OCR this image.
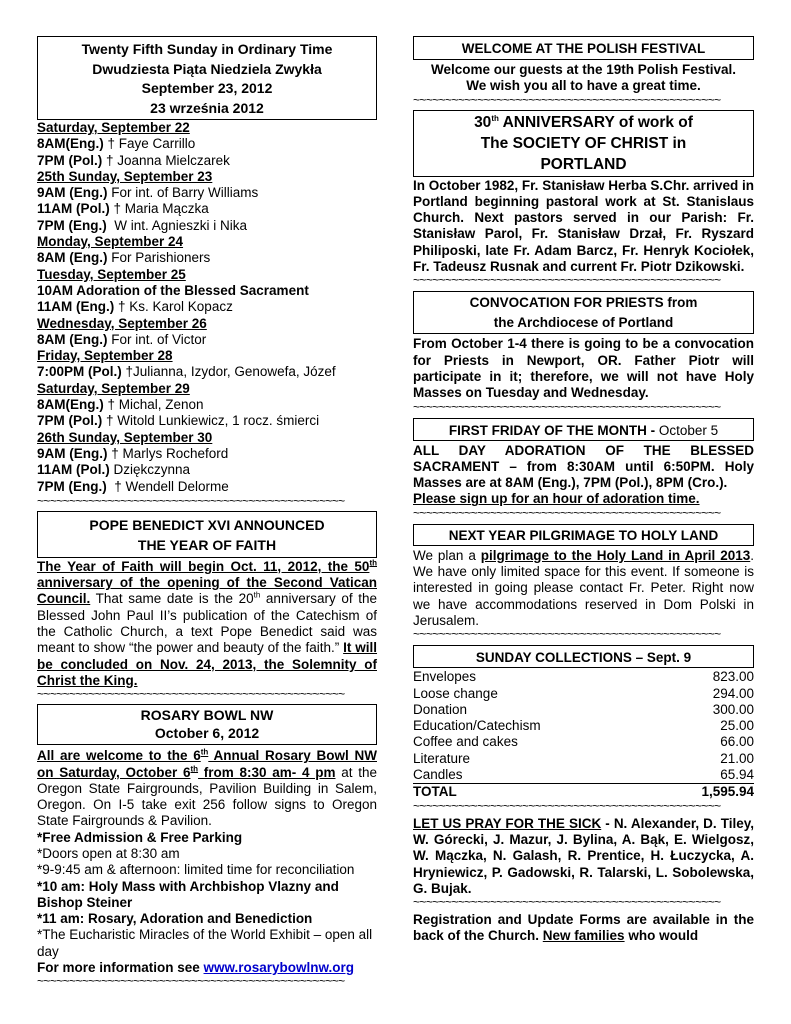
Twenty Fifth Sunday in Ordinary Time
Dwudziesta Piąta Niedziela Zwykła
September 23, 2012
23 września 2012

Saturday, September 22

8AM(Eng.) † Faye Carrillo

7PM (Pol.) † Joanna Mielczarek

25th Sunday, September 23

9AM (Eng.) For int. of Barry Williams

11AM (Pol.) † Maria Mączka

7PM (Eng.)  W int. Agnieszki i Nika

Monday, September 24

8AM (Eng.) For Parishioners

Tuesday, September 25

10AM Adoration of the Blessed Sacrament

11AM (Eng.) † Ks. Karol Kopacz

Wednesday, September 26

8AM (Eng.) For int. of Victor

Friday, September 28

7:00PM (Pol.) †Julianna, Izydor, Genowefa, Józef

Saturday, September 29

8AM(Eng.) † Michal, Zenon

7PM (Pol.) † Witold Lunkiewicz, 1 rocz. śmierci

26th Sunday, September 30

9AM (Eng.) † Marlys Rocheford

11AM (Pol.) Dziękczynna

7PM (Eng.)  † Wendell Delorme

~~~~~~~~~~~~~~~~~~~~~~~~~~~~~~~~~~~~~~~~~~~~~~~~
POPE BENEDICT XVI ANNOUNCED
THE YEAR OF FAITH

The Year of Faith will begin Oct. 11, 2012, the 50th anniversary of the opening of the Second Vatican Council. That same date is the 20th anniversary of the Blessed John Paul II’s publication of the Catechism of the Catholic Church, a text Pope Benedict said was meant to show “the power and beauty of the faith.” It will be concluded on Nov. 24, 2013, the Solemnity of Christ the King.

~~~~~~~~~~~~~~~~~~~~~~~~~~~~~~~~~~~~~~~~~~~~~~~~
ROSARY BOWL NW
October 6, 2012

All are welcome to the 6th Annual Rosary Bowl NW on Saturday, October 6th from 8:30 am- 4 pm at the Oregon State Fairgrounds, Pavilion Building in Salem, Oregon. On I-5 take exit 256 follow signs to Oregon State Fairgrounds & Pavilion.

*Free Admission & Free Parking

*Doors open at 8:30 am

*9-9:45 am & afternoon: limited time for reconciliation

*10 am: Holy Mass with Archbishop Vlazny and Bishop Steiner

*11 am: Rosary, Adoration and Benediction

*The Eucharistic Miracles of the World Exhibit – open all day

For more information see www.rosarybowlnw.org

~~~~~~~~~~~~~~~~~~~~~~~~~~~~~~~~~~~~~~~~~~~~~~~~
WELCOME AT THE POLISH FESTIVAL

Welcome our guests at the 19th Polish Festival.

We wish you all to have a great time.

~~~~~~~~~~~~~~~~~~~~~~~~~~~~~~~~~~~~~~~~~~~~~~~~
30th ANNIVERSARY of work of
The SOCIETY OF CHRIST in
PORTLAND

In October 1982, Fr. Stanisław Herba S.Chr. arrived in Portland beginning pastoral work at St. Stanislaus Church. Next pastors served in our Parish: Fr. Stanisław Parol, Fr. Stanisław Drzał, Fr. Ryszard Philiposki, late Fr. Adam Barcz, Fr. Henryk Kociołek, Fr. Tadeusz Rusnak and current Fr. Piotr Dzikowski.

~~~~~~~~~~~~~~~~~~~~~~~~~~~~~~~~~~~~~~~~~~~~~~~~
CONVOCATION FOR PRIESTS from
the Archdiocese of Portland

From October 1-4 there is going to be a convocation for Priests in Newport, OR. Father Piotr will participate in it; therefore, we will not have Holy Masses on Tuesday and Wednesday.

~~~~~~~~~~~~~~~~~~~~~~~~~~~~~~~~~~~~~~~~~~~~~~~~
FIRST FRIDAY OF THE MONTH - October 5

ALL DAY ADORATION OF THE BLESSED SACRAMENT – from 8:30AM until 6:50PM. Holy Masses are at 8AM (Eng.), 7PM (Pol.), 8PM (Cro.).

Please sign up for an hour of adoration time.

~~~~~~~~~~~~~~~~~~~~~~~~~~~~~~~~~~~~~~~~~~~~~~~~
NEXT YEAR PILGRIMAGE TO HOLY LAND

We plan a pilgrimage to the Holy Land in April 2013. We have only limited space for this event. If someone is interested in going please contact Fr. Peter. Right now we have accommodations reserved in Dom Polski in Jerusalem.

~~~~~~~~~~~~~~~~~~~~~~~~~~~~~~~~~~~~~~~~~~~~~~~~
SUNDAY COLLECTIONS – Sept. 9
Envelopes	823.00
Loose change	294.00
Donation	300.00
Education/Catechism	25.00
Coffee and cakes	66.00
Literature	21.00
Candles	65.94
TOTAL	1,595.94
~~~~~~~~~~~~~~~~~~~~~~~~~~~~~~~~~~~~~~~~~~~~~~~~

LET US PRAY FOR THE SICK - N. Alexander, D. Tiley, W. Górecki, J. Mazur, J. Bylina, A. Bąk, E. Wielgosz, W. Mączka, N. Galash, R. Prentice, H. Łuczycka, A. Hryniewicz, P. Gadowski, R. Talarski, L. Sobolewska, G. Bujak.

~~~~~~~~~~~~~~~~~~~~~~~~~~~~~~~~~~~~~~~~~~~~~~~~

Registration and Update Forms are available in the back of the Church. New families who would
